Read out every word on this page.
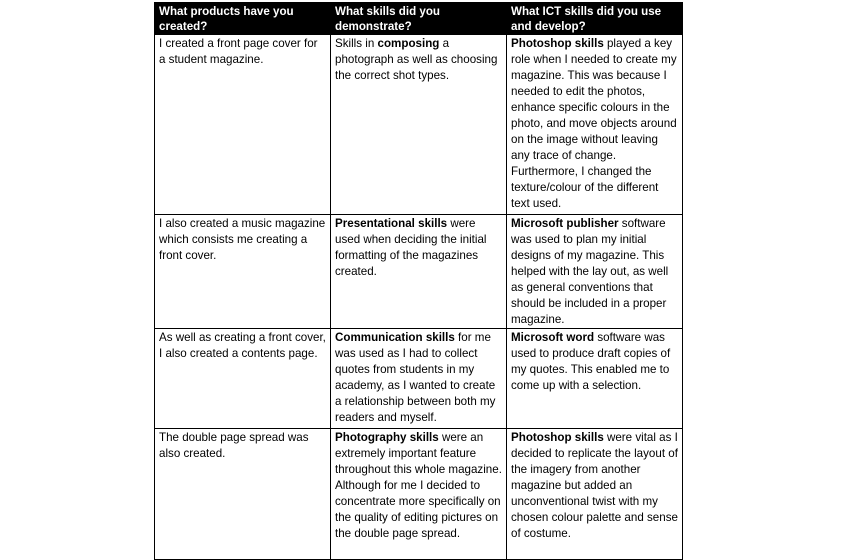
What products have you created?	What skills did you demonstrate?	What ICT skills did you use and develop?
I created a front page cover for a student magazine.	Skills in composing a photograph as well as choosing the correct shot types.	Photoshop skills played a key role when I needed to create my magazine. This was because I needed to edit the photos, enhance specific colours in the photo, and move objects around on the image without leaving any trace of change. Furthermore, I changed the texture/colour of the different text used.
I also created a music magazine which consists me creating a front cover.	Presentational skills were used when deciding the initial formatting of the magazines created.	Microsoft publisher software was used to plan my initial designs of my magazine. This helped with the lay out, as well as general conventions that should be included in a proper magazine.
As well as creating a front cover, I also created a contents page.	Communication skills for me was used as I had to collect quotes from students in my academy, as I wanted to create a relationship between both my readers and myself.	Microsoft word software was used to produce draft copies of my quotes. This enabled me to come up with a selection.
The double page spread was also created.	Photography skills were an extremely important feature throughout this whole magazine. Although for me I decided to concentrate more specifically on the quality of editing pictures on the double page spread.	Photoshop skills were vital as I decided to replicate the layout of the imagery from another magazine but added an unconventional twist with my chosen colour palette and sense of costume.
